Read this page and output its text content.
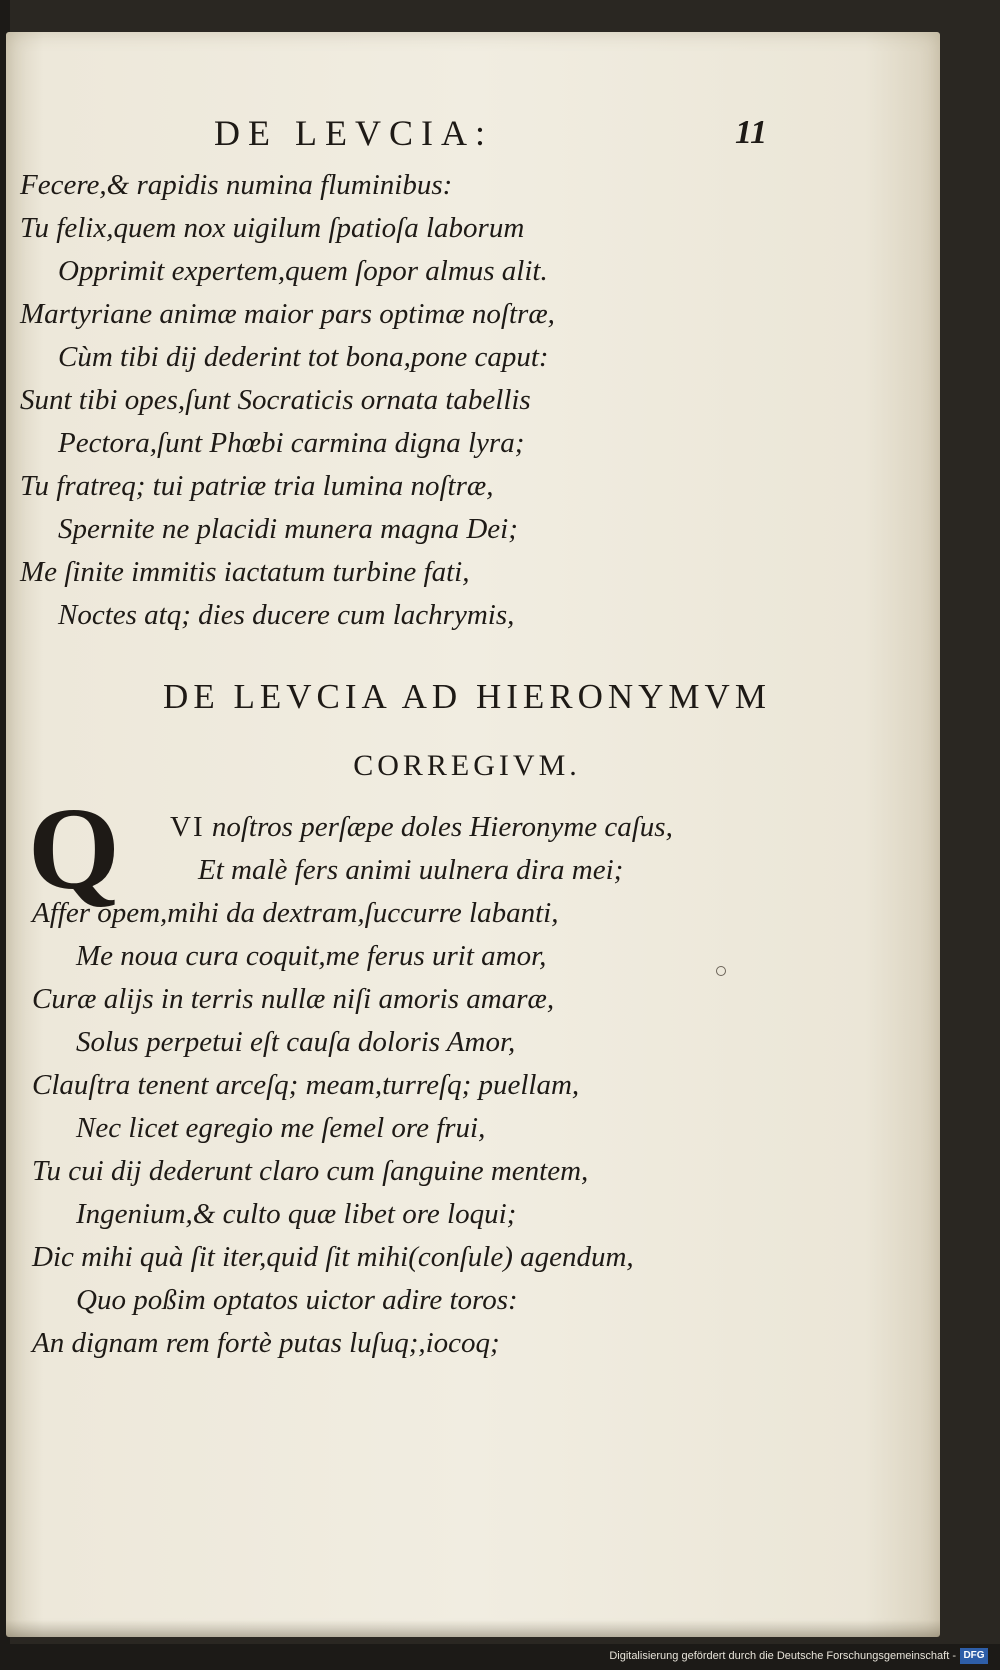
DE LEVCIA:	11
Fecere,& rapidis numina fluminibus:
Tu felix,quem nox uigilum ſpatioſa laborum
Opprimit expertem,quem ſopor almus alit.
Martyriane animæ maior pars optimæ noſtræ,
Cùm tibi dij dederint tot bona,pone caput:
Sunt tibi opes,ſunt Socraticis ornata tabellis
Pectora,ſunt Phœbi carmina digna lyra;
Tu fratreq; tui patriæ tria lumina noſtræ,
Spernite ne placidi munera magna Dei;
Me ſinite immitis iactatum turbine fati,
Noctes atq; dies ducere cum lachrymis,
DE LEVCIA AD HIERONYMVM
CORREGIVM.
Q VI noſtros perſæpe doles Hieronyme caſus,
Et malè fers animi uulnera dira mei;
Affer opem,mihi da dextram,ſuccurre labanti,
Me noua cura coquit,me ferus urit amor,
Curæ alijs in terris nullæ niſi amoris amaræ,
Solus perpetui eſt cauſa doloris Amor,
Clauſtra tenent arceſq; meam,turreſq; puellam,
Nec licet egregio me ſemel ore frui,
Tu cui dij dederunt claro cum ſanguine mentem,
Ingenium,& culto quæ libet ore loqui;
Dic mihi quà ſit iter,quid ſit mihi(conſule) agendum,
Quo poßim optatos uictor adire toros:
An dignam rem fortè putas luſuq;,iocoq;
Digitalisierung gefördert durch die Deutsche Forschungsgemeinschaft - DFG
